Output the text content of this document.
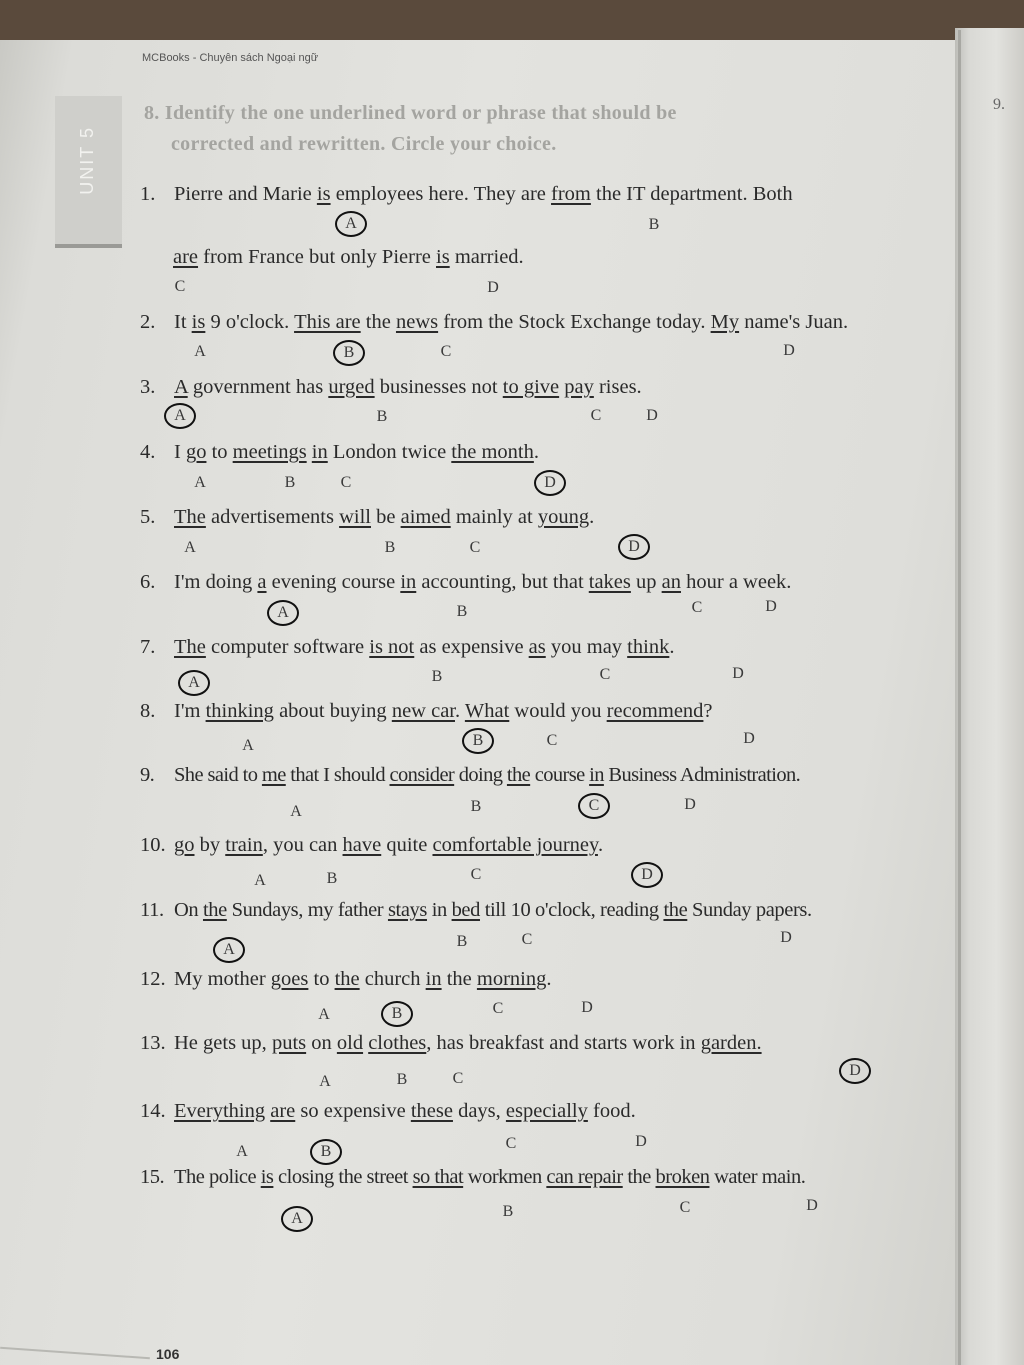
UNIT 5
MCBooks - Chuyên sách Ngoại ngữ
9.
8. Identify the one underlined word or phrase that should be
corrected and rewritten. Circle your choice.
1. Pierre and Marie is employees here. They are from the IT department. Both
A	B
are from France but only Pierre is married.
C	D
2. It is 9 o'clock. This are the news from the Stock Exchange today. My name's Juan.
A	B	C	D
3. A government has urged businesses not to give pay rises.
A	B	C	D
4. I go to meetings in London twice the month.
A	B	C	D
5. The advertisements will be aimed mainly at young.
A	B	C	D
6. I'm doing a evening course in accounting, but that takes up an hour a week.
A	B	C	D
7. The computer software is not as expensive as you may think.
A	B	C	D
8. I'm thinking about buying new car. What would you recommend?
A	B	C	D
9. She said to me that I should consider doing the course in Business Administration.
A	B	C	D
10. go by train, you can have quite comfortable journey.
A	B	C	D
11. On the Sundays, my father stays in bed till 10 o'clock, reading the Sunday papers.
A	B	C	D
12. My mother goes to the church in the morning.
A	B	C	D
13. He gets up, puts on old clothes, has breakfast and starts work in garden.
A	B	C	D
14. Everything are so expensive these days, especially food.
A	B	C	D
15. The police is closing the street so that workmen can repair the broken water main.
A	B	C	D
106
